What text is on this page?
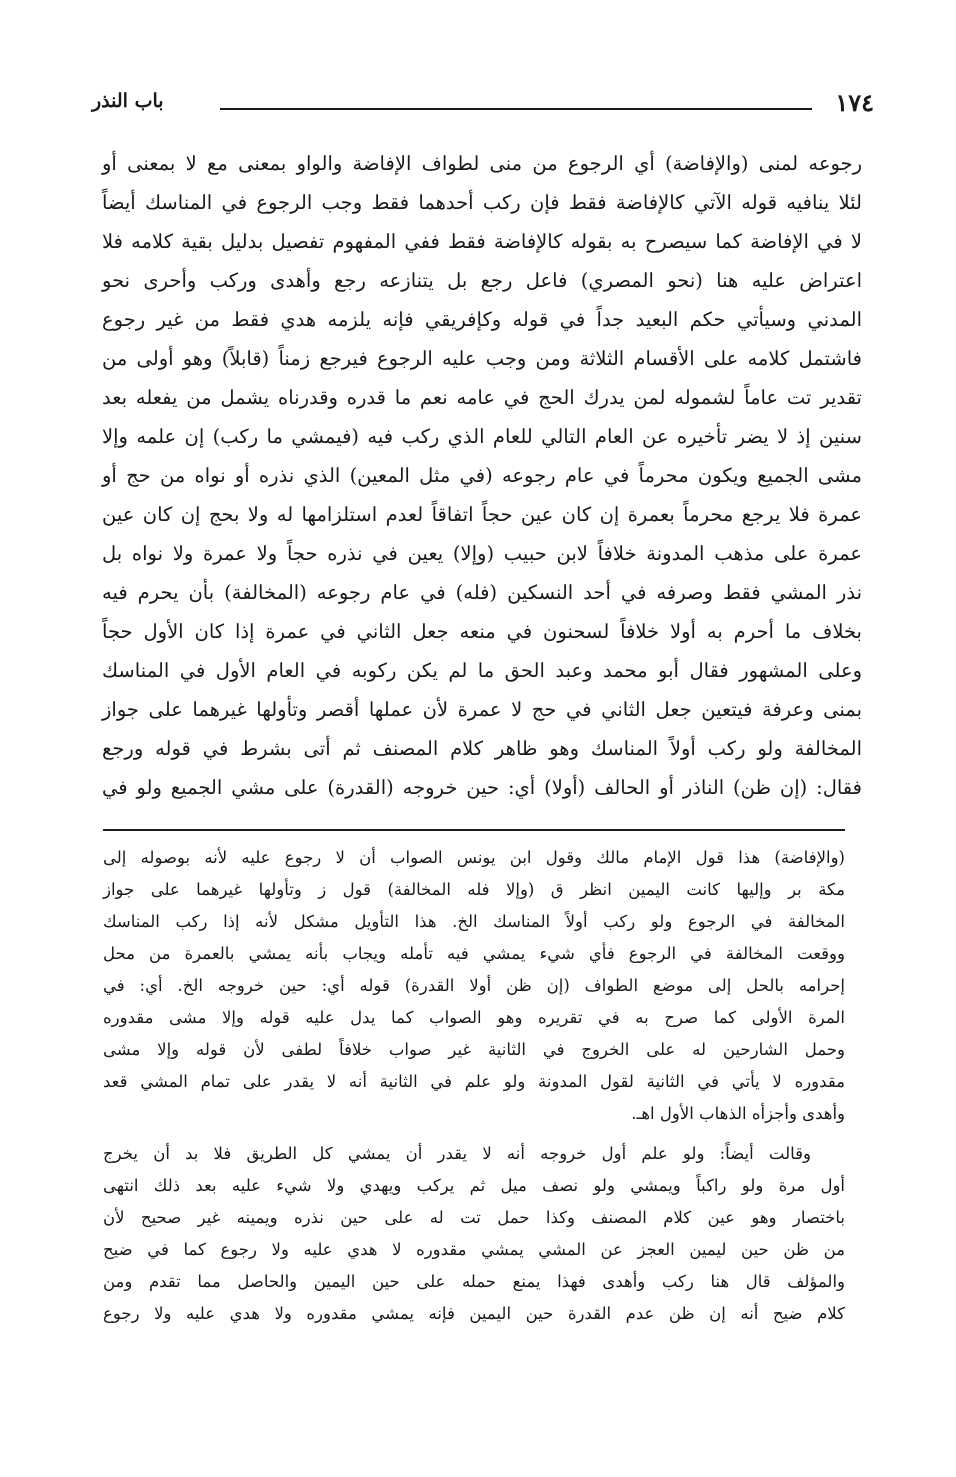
١٧٤
باب النذر
رجوعه لمنى (والإفاضة) أي الرجوع من منى لطواف الإفاضة والواو بمعنى مع لا بمعنى أو
لئلا ينافيه قوله الآتي كالإفاضة فقط فإن ركب أحدهما فقط وجب الرجوع في المناسك أيضاً
لا في الإفاضة كما سيصرح به بقوله كالإفاضة فقط ففي المفهوم تفصيل بدليل بقية كلامه فلا
اعتراض عليه هنا (نحو المصري) فاعل رجع بل يتنازعه رجع وأهدى وركب وأحرى نحو
المدني وسيأتي حكم البعيد جداً في قوله وكإفريقي فإنه يلزمه هدي فقط من غير رجوع
فاشتمل كلامه على الأقسام الثلاثة ومن وجب عليه الرجوع فيرجع زمناً (قابلاً) وهو أولى من
تقدير تت عاماً لشموله لمن يدرك الحج في عامه نعم ما قدره وقدرناه يشمل من يفعله بعد
سنين إذ لا يضر تأخيره عن العام التالي للعام الذي ركب فيه (فيمشي ما ركب) إن علمه وإلا
مشى الجميع ويكون محرماً في عام رجوعه (في مثل المعين) الذي نذره أو نواه من حج أو
عمرة فلا يرجع محرماً بعمرة إن كان عين حجاً اتفاقاً لعدم استلزامها له ولا بحج إن كان عين
عمرة على مذهب المدونة خلافاً لابن حبيب (وإلا) يعين في نذره حجاً ولا عمرة ولا نواه بل
نذر المشي فقط وصرفه في أحد النسكين (فله) في عام رجوعه (المخالفة) بأن يحرم فيه
بخلاف ما أحرم به أولا خلافاً لسحنون في منعه جعل الثاني في عمرة إذا كان الأول حجاً
وعلى المشهور فقال أبو محمد وعبد الحق ما لم يكن ركوبه في العام الأول في المناسك
بمنى وعرفة فيتعين جعل الثاني في حج لا عمرة لأن عملها أقصر وتأولها غيرهما على جواز
المخالفة ولو ركب أولاً المناسك وهو ظاهر كلام المصنف ثم أتى بشرط في قوله ورجع
فقال: (إن ظن) الناذر أو الحالف (أولا) أي: حين خروجه (القدرة) على مشي الجميع ولو في
(والإفاضة) هذا قول الإمام مالك وقول ابن يونس الصواب أن لا رجوع عليه لأنه بوصوله إلى
مكة بر وإليها كانت اليمين انظر ق (وإلا فله المخالفة) قول ز وتأولها غيرهما على جواز
المخالفة في الرجوع ولو ركب أولاً المناسك الخ. هذا التأويل مشكل لأنه إذا ركب المناسك
ووقعت المخالفة في الرجوع فأي شيء يمشي فيه تأمله ويجاب بأنه يمشي بالعمرة من محل
إحرامه بالحل إلى موضع الطواف (إن ظن أولا القدرة) قوله أي: حين خروجه الخ. أي: في
المرة الأولى كما صرح به في تقريره وهو الصواب كما يدل عليه قوله وإلا مشى مقدوره
وحمل الشارحين له على الخروج في الثانية غير صواب خلافاً لطفى لأن قوله وإلا مشى
مقدوره لا يأتي في الثانية لقول المدونة ولو علم في الثانية أنه لا يقدر على تمام المشي قعد
وأهدى وأجزأه الذهاب الأول اهـ.
وقالت أيضاً: ولو علم أول خروجه أنه لا يقدر أن يمشي كل الطريق فلا بد أن يخرج
أول مرة ولو راكباً ويمشي ولو نصف ميل ثم يركب ويهدي ولا شيء عليه بعد ذلك انتهى
باختصار وهو عين كلام المصنف وكذا حمل تت له على حين نذره ويمينه غير صحيح لأن
من ظن حين ليمين العجز عن المشي يمشي مقدوره لا هدي عليه ولا رجوع كما في ضيح
والمؤلف قال هنا ركب وأهدى فهذا يمنع حمله على حين اليمين والحاصل مما تقدم ومن
كلام ضيح أنه إن ظن عدم القدرة حين اليمين فإنه يمشي مقدوره ولا هدي عليه ولا رجوع
